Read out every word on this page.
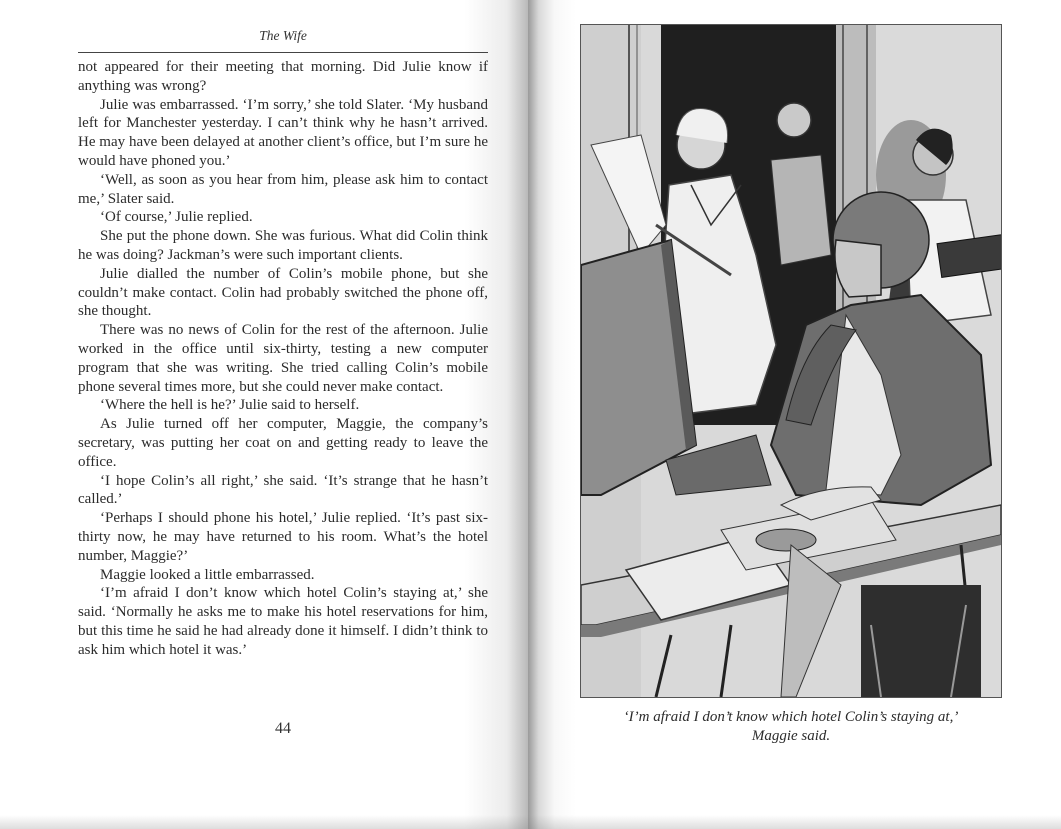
The Wife

not appeared for their meeting that morning. Did Julie know if anything was wrong?

Julie was embarrassed. ‘I’m sorry,’ she told Slater. ‘My husband left for Manchester yesterday. I can’t think why he hasn’t arrived. He may have been delayed at another client’s office, but I’m sure he would have phoned you.’

‘Well, as soon as you hear from him, please ask him to contact me,’ Slater said.

‘Of course,’ Julie replied.

She put the phone down. She was furious. What did Colin think he was doing? Jackman’s were such important clients.

Julie dialled the number of Colin’s mobile phone, but she couldn’t make contact. Colin had probably switched the phone off, she thought.

There was no news of Colin for the rest of the afternoon. Julie worked in the office until six-thirty, testing a new computer program that she was writing. She tried calling Colin’s mobile phone several times more, but she could never make contact.

‘Where the hell is he?’ Julie said to herself.

As Julie turned off her computer, Maggie, the company’s secretary, was putting her coat on and getting ready to leave the office.

‘I hope Colin’s all right,’ she said. ‘It’s strange that he hasn’t called.’

‘Perhaps I should phone his hotel,’ Julie replied. ‘It’s past six-thirty now, he may have returned to his room. What’s the hotel number, Maggie?’

Maggie looked a little embarrassed.

‘I’m afraid I don’t know which hotel Colin’s staying at,’ she said. ‘Normally he asks me to make his hotel reservations for him, but this time he said he had already done it himself. I didn’t think to ask him which hotel it was.’

44
‘I’m afraid I don’t know which hotel Colin’s staying at,’
Maggie said.
